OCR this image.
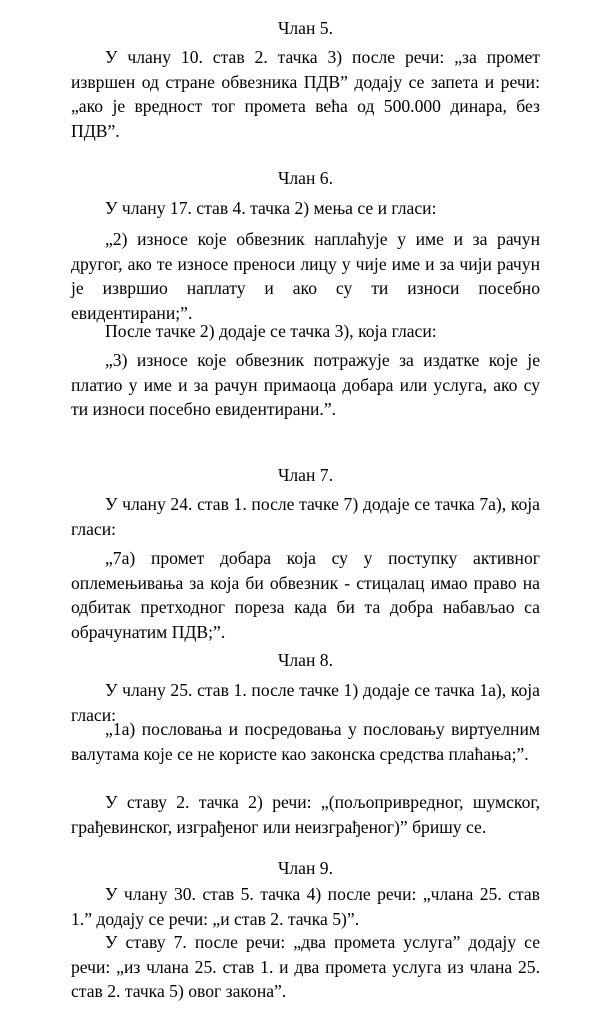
Члан 5.

У члану 10. став 2. тачка 3) после речи: „за промет извршен од стране обвезника ПДВ” додају се запета и речи: „ако је вредност тог промета већа од 500.000 динара, без ПДВ”.

Члан 6.

У члану 17. став 4. тачка 2) мења се и гласи:

„2) износе које обвезник наплаћује у име и за рачун другог, ако те износе преноси лицу у чије име и за чији рачун је извршио наплату и ако су ти износи посебно евидентирани;”.

После тачке 2) додаје се тачка 3), која гласи:

„3) износе које обвезник потражује за издатке које је платио у име и за рачун примаоца добара или услуга, ако су ти износи посебно евидентирани.”.

Члан 7.

У члану 24. став 1. после тачке 7) додаје се тачка 7а), која гласи:

„7а) промет добара која су у поступку активног оплемењивања за која би обвезник - стицалац имао право на одбитак претходног пореза када би та добра набављао са обрачунатим ПДВ;”.

Члан 8.

У члану 25. став 1. после тачке 1) додаје се тачка 1а), која гласи:

„1а) пословања и посредовања у пословању виртуелним валутама које се не користе као законска средства плаћања;”.

У ставу 2. тачка 2) речи: „(пољопривредног, шумског, грађевинског, изграђеног или неизграђеног)” бришу се.

Члан 9.

У члану 30. став 5. тачка 4) после речи: „члана 25. став 1.” додају се речи: „и став 2. тачка 5)”.

У ставу 7. после речи: „два промета услуга” додају се речи: „из члана 25. став 1. и два промета услуга из члана 25. став 2. тачка 5) овог закона”.
